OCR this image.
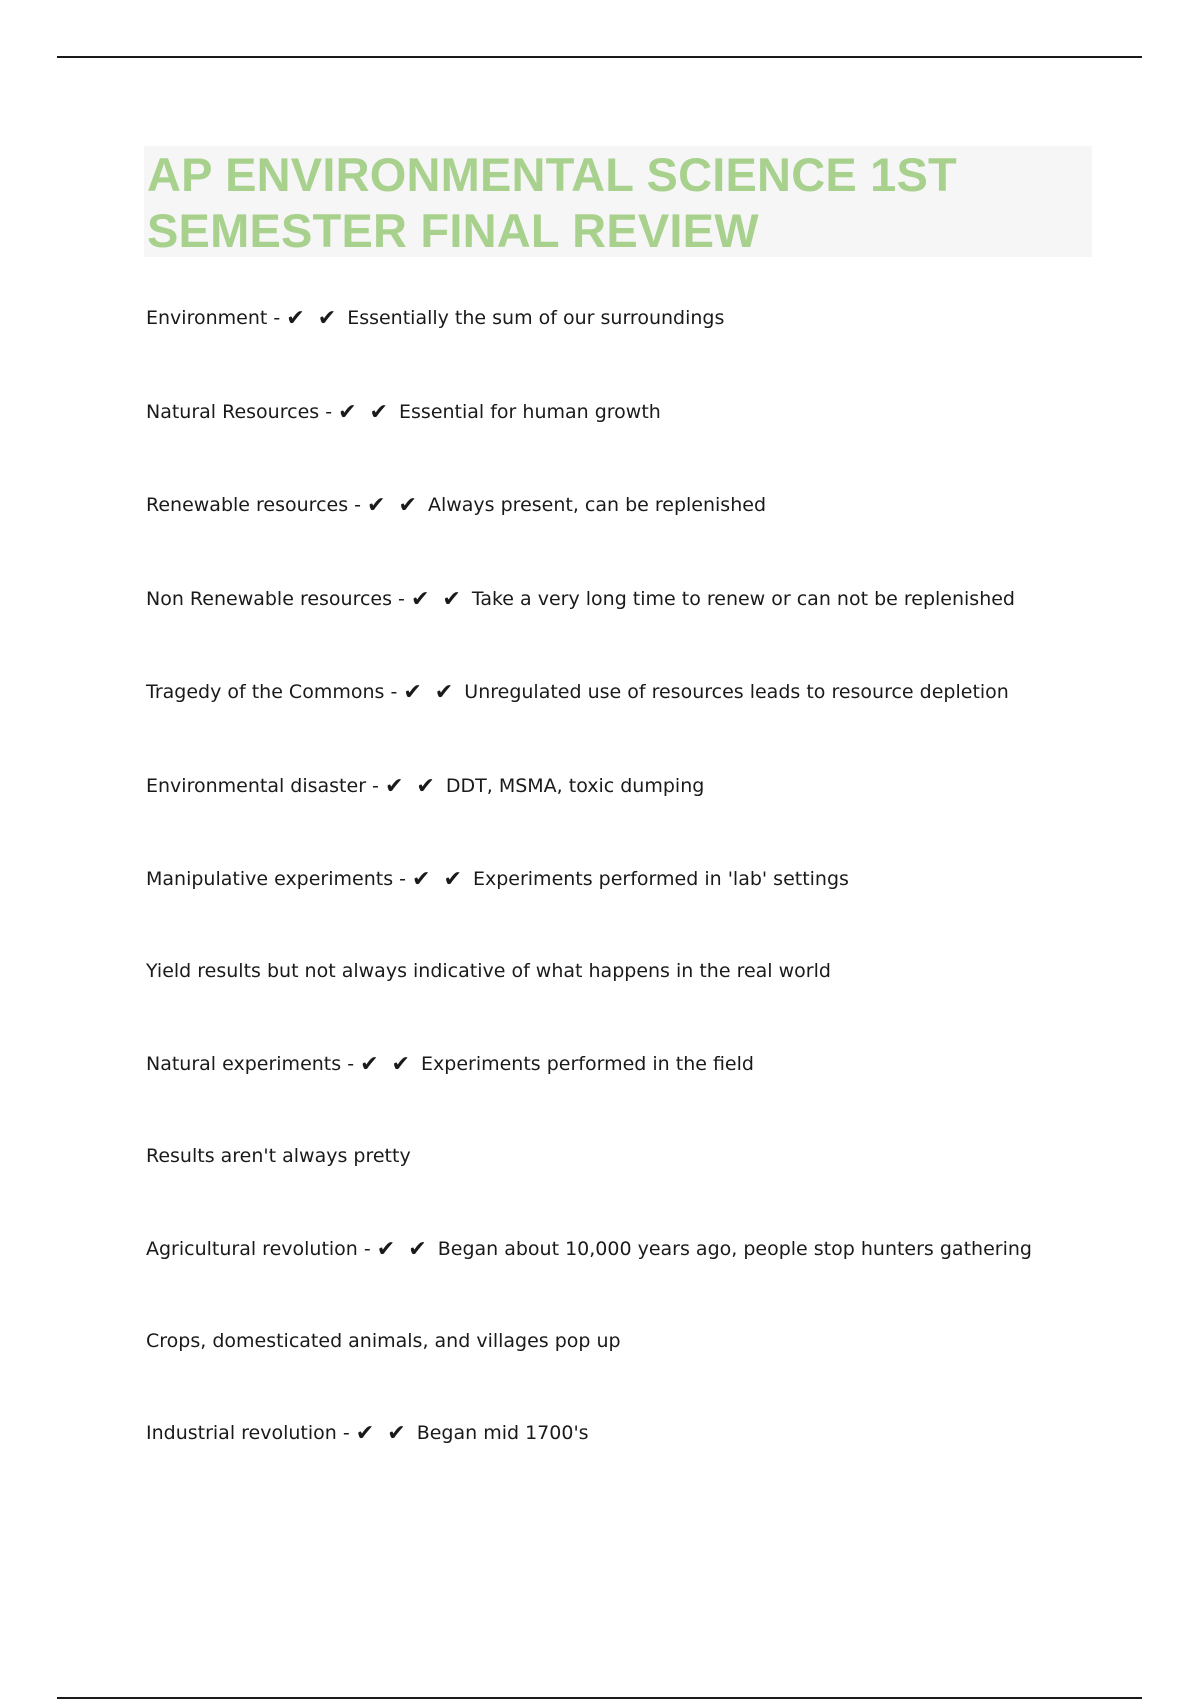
AP ENVIRONMENTAL SCIENCE 1ST
SEMESTER FINAL REVIEW
Environment - ✔ ✔ Essentially the sum of our surroundings
Natural Resources - ✔ ✔ Essential for human growth
Renewable resources - ✔ ✔ Always present, can be replenished
Non Renewable resources - ✔ ✔ Take a very long time to renew or can not be replenished
Tragedy of the Commons - ✔ ✔ Unregulated use of resources leads to resource depletion
Environmental disaster - ✔ ✔ DDT, MSMA, toxic dumping
Manipulative experiments - ✔ ✔ Experiments performed in 'lab' settings
Yield results but not always indicative of what happens in the real world
Natural experiments - ✔ ✔ Experiments performed in the field
Results aren't always pretty
Agricultural revolution - ✔ ✔ Began about 10,000 years ago, people stop hunters gathering
Crops, domesticated animals, and villages pop up
Industrial revolution - ✔ ✔ Began mid 1700's
